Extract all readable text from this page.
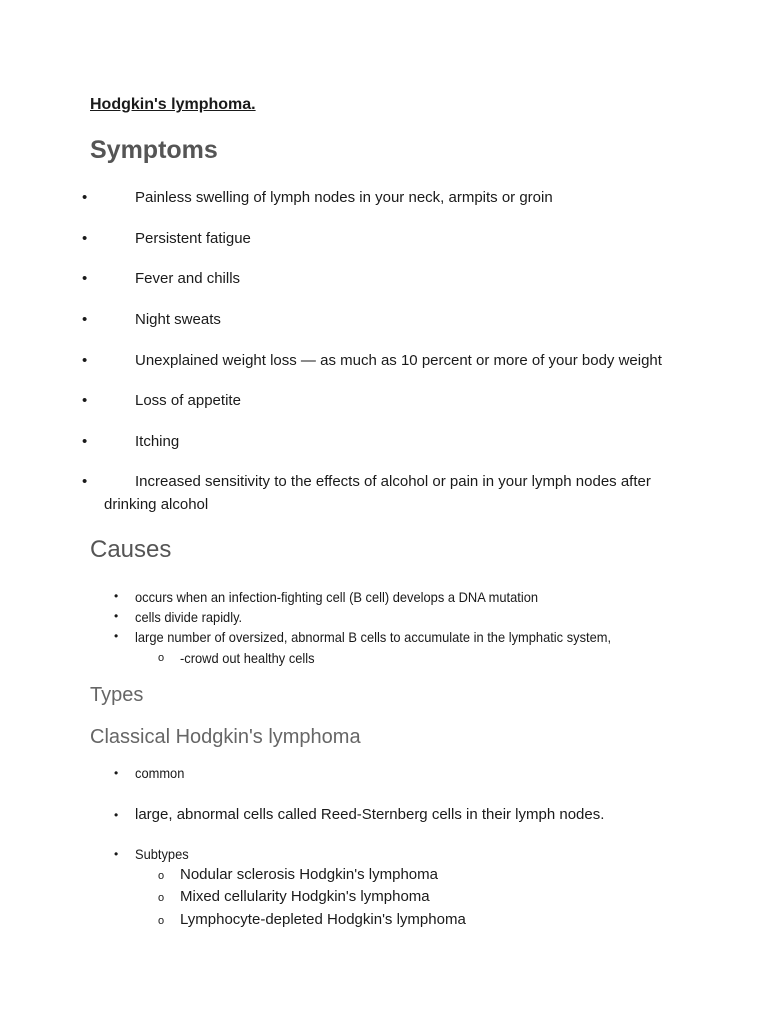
Hodgkin's lymphoma.
Symptoms
•	Painless swelling of lymph nodes in your neck, armpits or groin
•	Persistent fatigue
•	Fever and chills
•	Night sweats
•	Unexplained weight loss — as much as 10 percent or more of your body weight
•	Loss of appetite
•	Itching
•	Increased sensitivity to the effects of alcohol or pain in your lymph nodes after drinking alcohol
Causes
• occurs when an infection-fighting cell (B cell) develops a DNA mutation
• cells divide rapidly.
• large number of oversized, abnormal B cells to accumulate in the lymphatic system,
o -crowd out healthy cells
Types
Classical Hodgkin's lymphoma
• common
• large, abnormal cells called Reed-Sternberg cells in their lymph nodes.
• Subtypes
o Nodular sclerosis Hodgkin's lymphoma
o Mixed cellularity Hodgkin's lymphoma
o Lymphocyte-depleted Hodgkin's lymphoma
